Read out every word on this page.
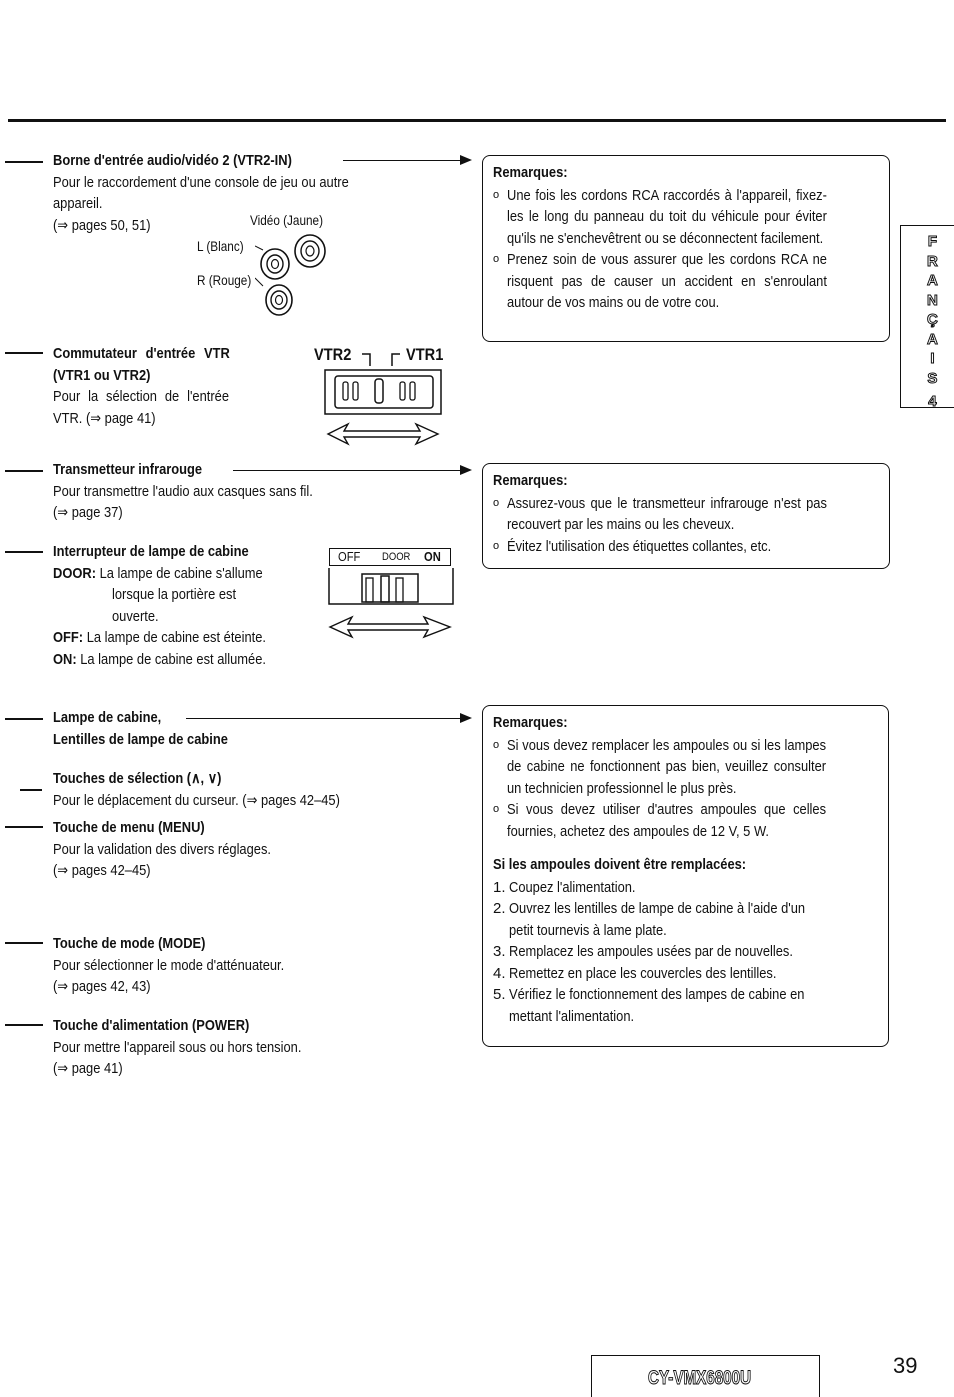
F
R
A
N
Ç
A
I
S
4
Borne d'entrée audio/vidéo 2 (VTR2-IN)
Pour le raccordement d'une console de jeu ou autre
appareil.
(⇒ pages 50, 51)	Vidéo (Jaune)
L (Blanc)
R (Rouge)
Commutateur d'entrée VTR
(VTR1 ou VTR2)
Pour la sélection de l'entrée
VTR. (⇒ page 41)
VTR2	VTR1
Transmetteur infrarouge
Pour transmettre l'audio aux casques sans fil.
(⇒ page 37)
Interrupteur de lampe de cabine
DOOR: La lampe de cabine s'allume
lorsque la portière est
ouverte.
OFF: La lampe de cabine est éteinte.
ON: La lampe de cabine est allumée.
OFF DOOR ON
Lampe de cabine,
Lentilles de lampe de cabine
Touches de sélection (∧, ∨)
Pour le déplacement du curseur. (⇒ pages 42–45)
Touche de menu (MENU)
Pour la validation des divers réglages.
(⇒ pages 42–45)
Touche de mode (MODE)
Pour sélectionner le mode d'atténuateur.
(⇒ pages 42, 43)
Touche d'alimentation (POWER)
Pour mettre l'appareil sous ou hors tension.
(⇒ page 41)
Remarques:
o Une fois les cordons RCA raccordés à l'appareil, fixez-les le long du panneau du toit du véhicule pour éviter qu'ils ne s'enchevêtrent ou se déconnectent facilement.
o Prenez soin de vous assurer que les cordons RCA ne risquent pas de causer un accident en s'enroulant autour de vos mains ou de votre cou.
Remarques:
o Assurez-vous que le transmetteur infrarouge n'est pas recouvert par les mains ou les cheveux.
o Évitez l'utilisation des étiquettes collantes, etc.
Remarques:
o Si vous devez remplacer les ampoules ou si les lampes de cabine ne fonctionnent pas bien, veuillez consulter un technicien professionnel le plus près.
o Si vous devez utiliser d'autres ampoules que celles fournies, achetez des ampoules de 12 V, 5 W.
Si les ampoules doivent être remplacées:
1. Coupez l'alimentation.
2. Ouvrez les lentilles de lampe de cabine à l'aide d'un petit tournevis à lame plate.
3. Remplacez les ampoules usées par de nouvelles.
4. Remettez en place les couvercles des lentilles.
5. Vérifiez le fonctionnement des lampes de cabine en mettant l'alimentation.
CY-VMX6800U
39
